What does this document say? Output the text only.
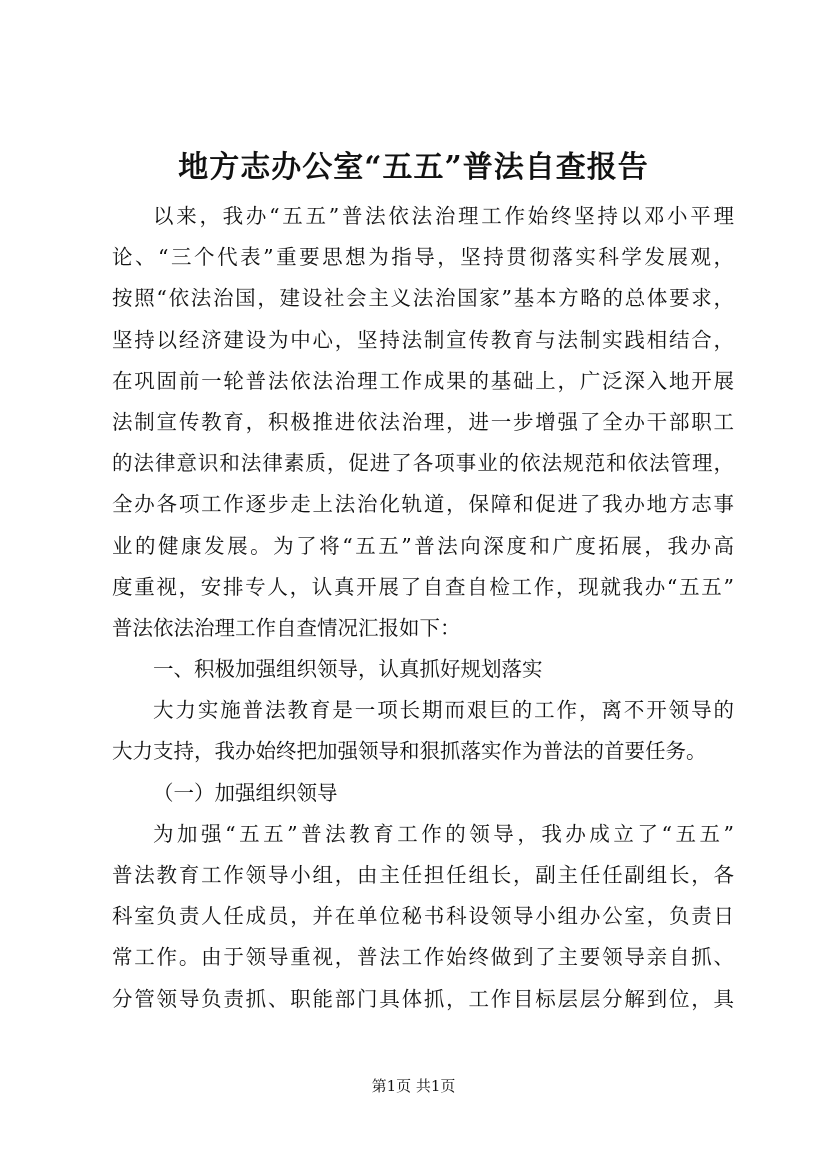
地方志办公室“五五”普法自查报告
以来，我办“五五”普法依法治理工作始终坚持以邓小平理
论、“三个代表”重要思想为指导，坚持贯彻落实科学发展观，
按照“依法治国，建设社会主义法治国家”基本方略的总体要求，
坚持以经济建设为中心，坚持法制宣传教育与法制实践相结合，
在巩固前一轮普法依法治理工作成果的基础上，广泛深入地开展
法制宣传教育，积极推进依法治理，进一步增强了全办干部职工
的法律意识和法律素质，促进了各项事业的依法规范和依法管理，
全办各项工作逐步走上法治化轨道，保障和促进了我办地方志事
业的健康发展。为了将“五五”普法向深度和广度拓展，我办高
度重视，安排专人，认真开展了自查自检工作，现就我办“五五”
普法依法治理工作自查情况汇报如下：
一、积极加强组织领导，认真抓好规划落实
大力实施普法教育是一项长期而艰巨的工作，离不开领导的
大力支持，我办始终把加强领导和狠抓落实作为普法的首要任务。
（一）加强组织领导
为加强“五五”普法教育工作的领导，我办成立了“五五”
普法教育工作领导小组，由主任担任组长，副主任任副组长，各
科室负责人任成员，并在单位秘书科设领导小组办公室，负责日
常工作。由于领导重视，普法工作始终做到了主要领导亲自抓、
分管领导负责抓、职能部门具体抓，工作目标层层分解到位，具
第1页 共1页
